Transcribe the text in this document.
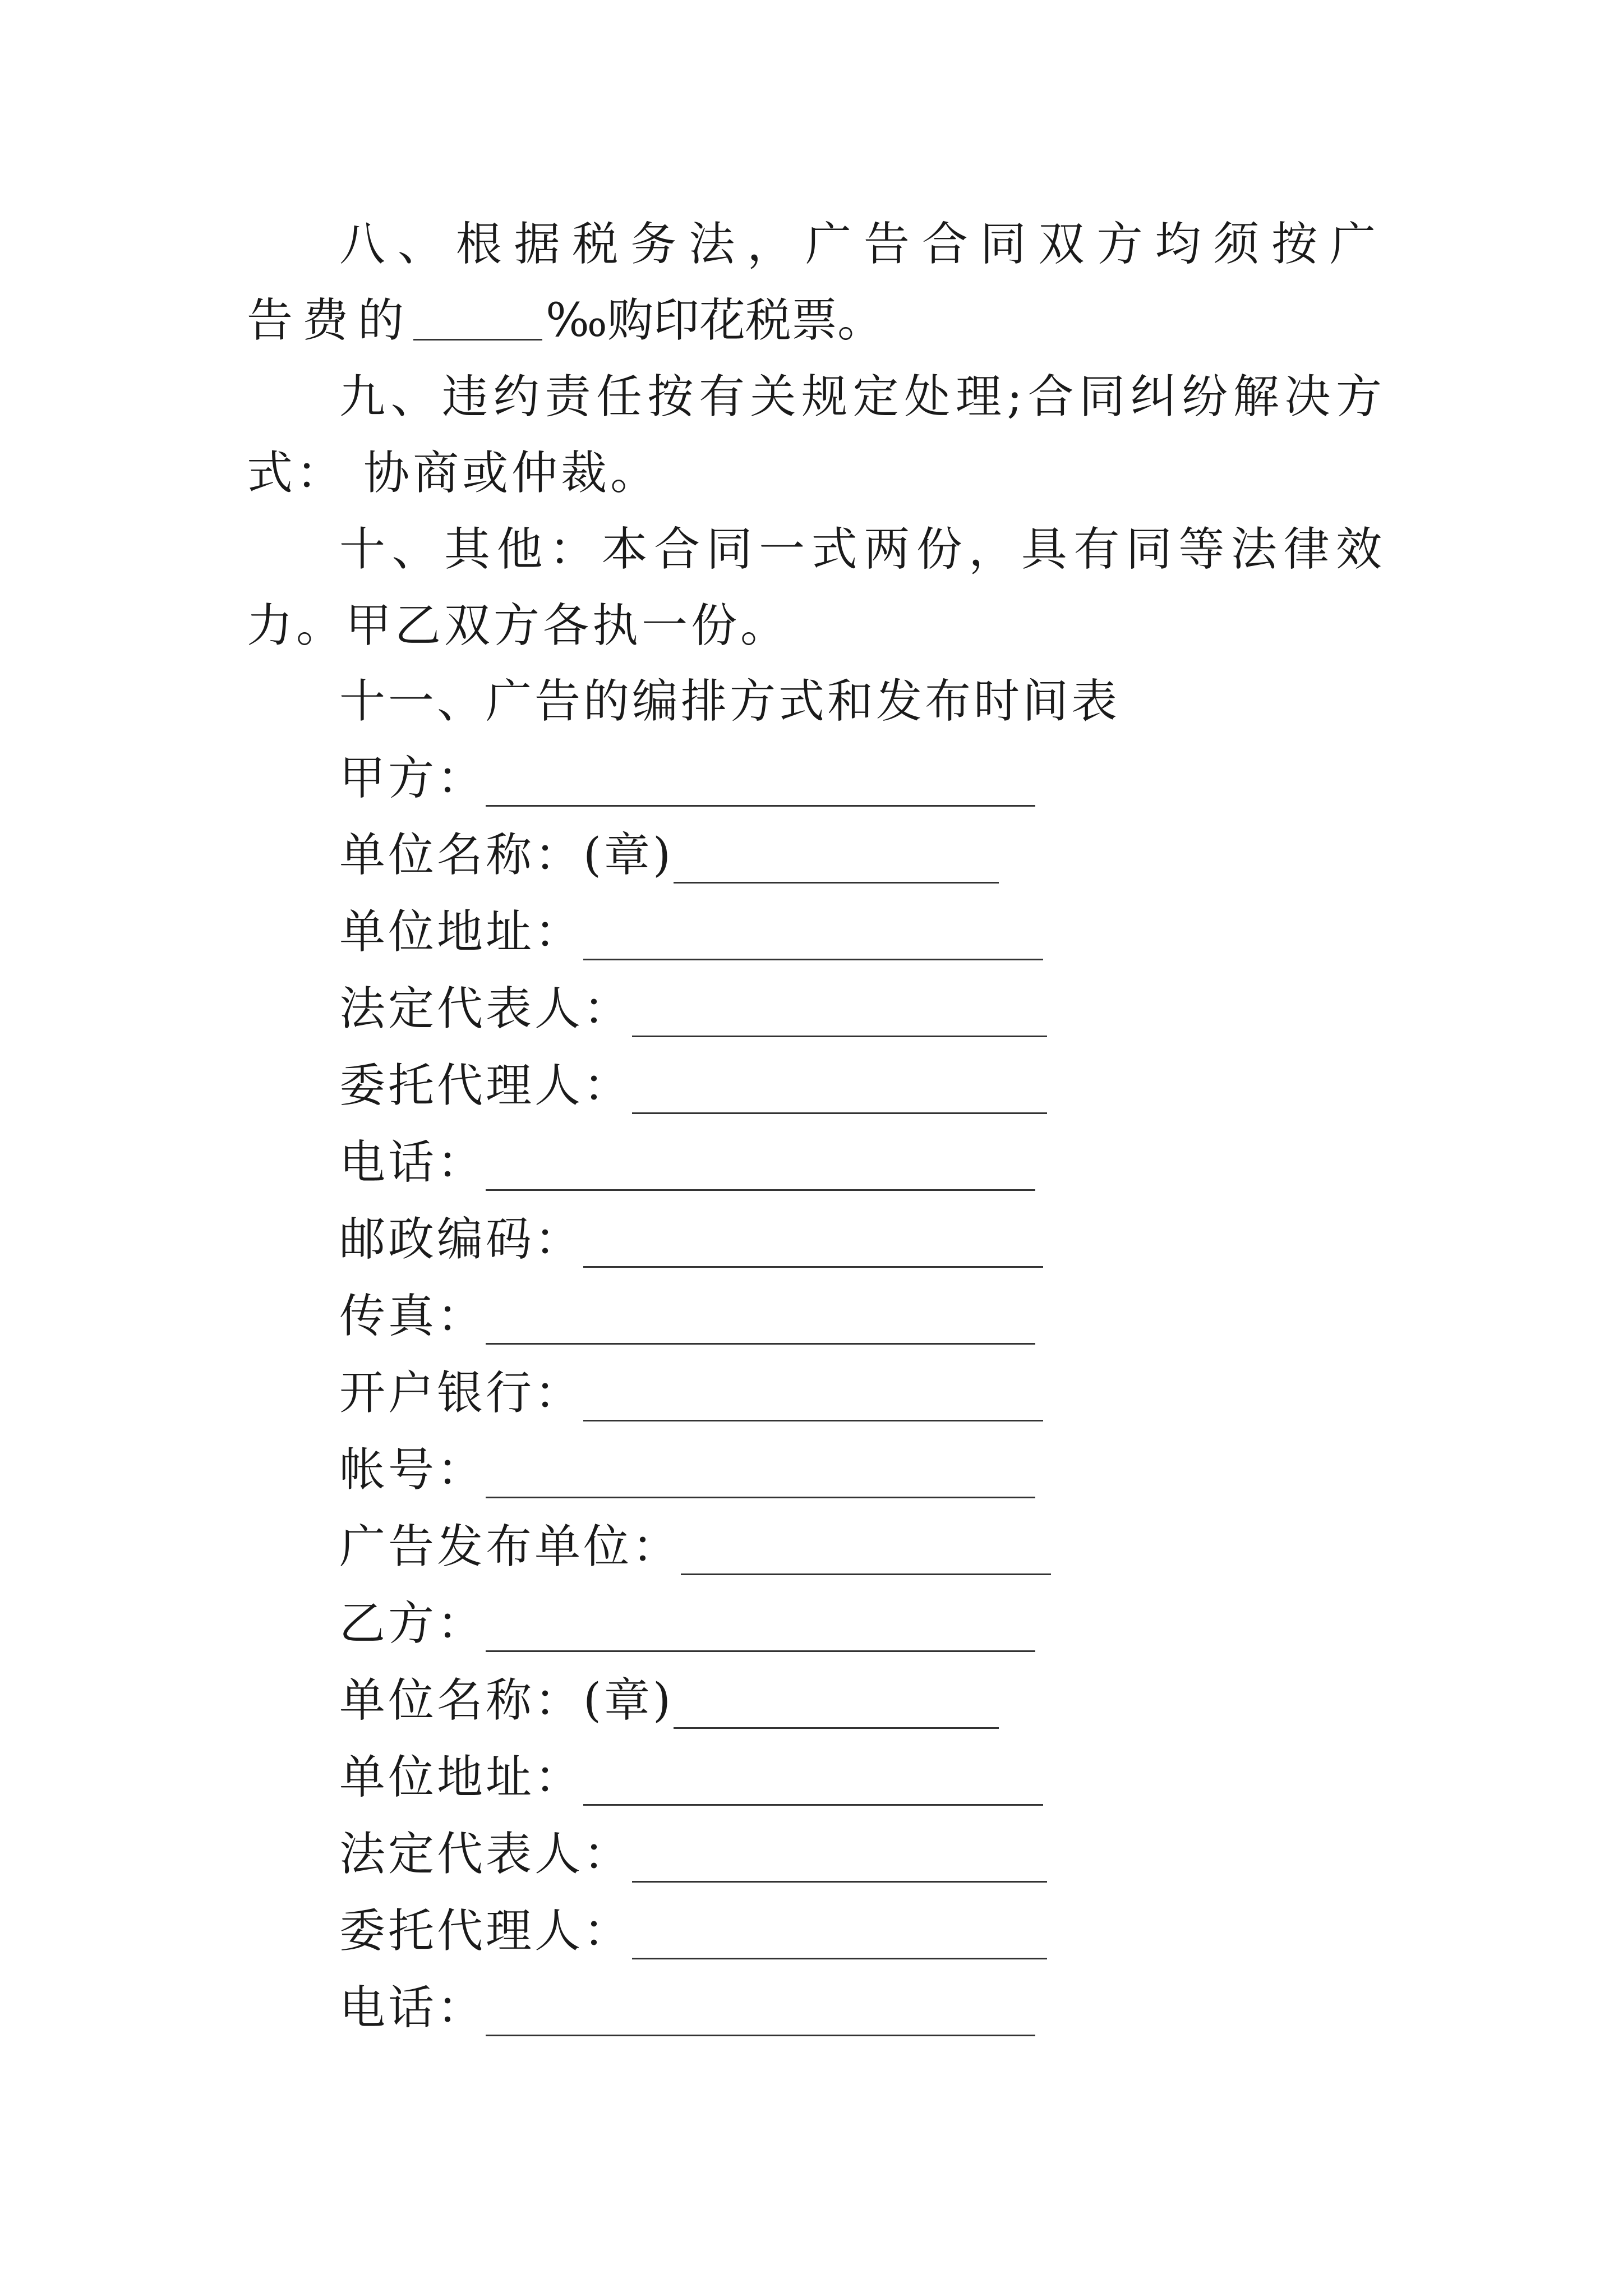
八、根据税务法，广告合同双方均须按广告费的	‰购印花税票。

九、违约责任按有关规定处理;合同纠纷解决方式： 协商或仲裁。

十、其他：本合同一式两份，具有同等法律效力。甲乙双方各执一份。

十一、广告的编排方式和发布时间表
甲方：
单位名称：(章)
单位地址：
法定代表人：
委托代理人：
电话：
邮政编码：
传真：
开户银行：
帐号：
广告发布单位：
乙方：
单位名称：(章)
单位地址：
法定代表人：
委托代理人：
电话：
